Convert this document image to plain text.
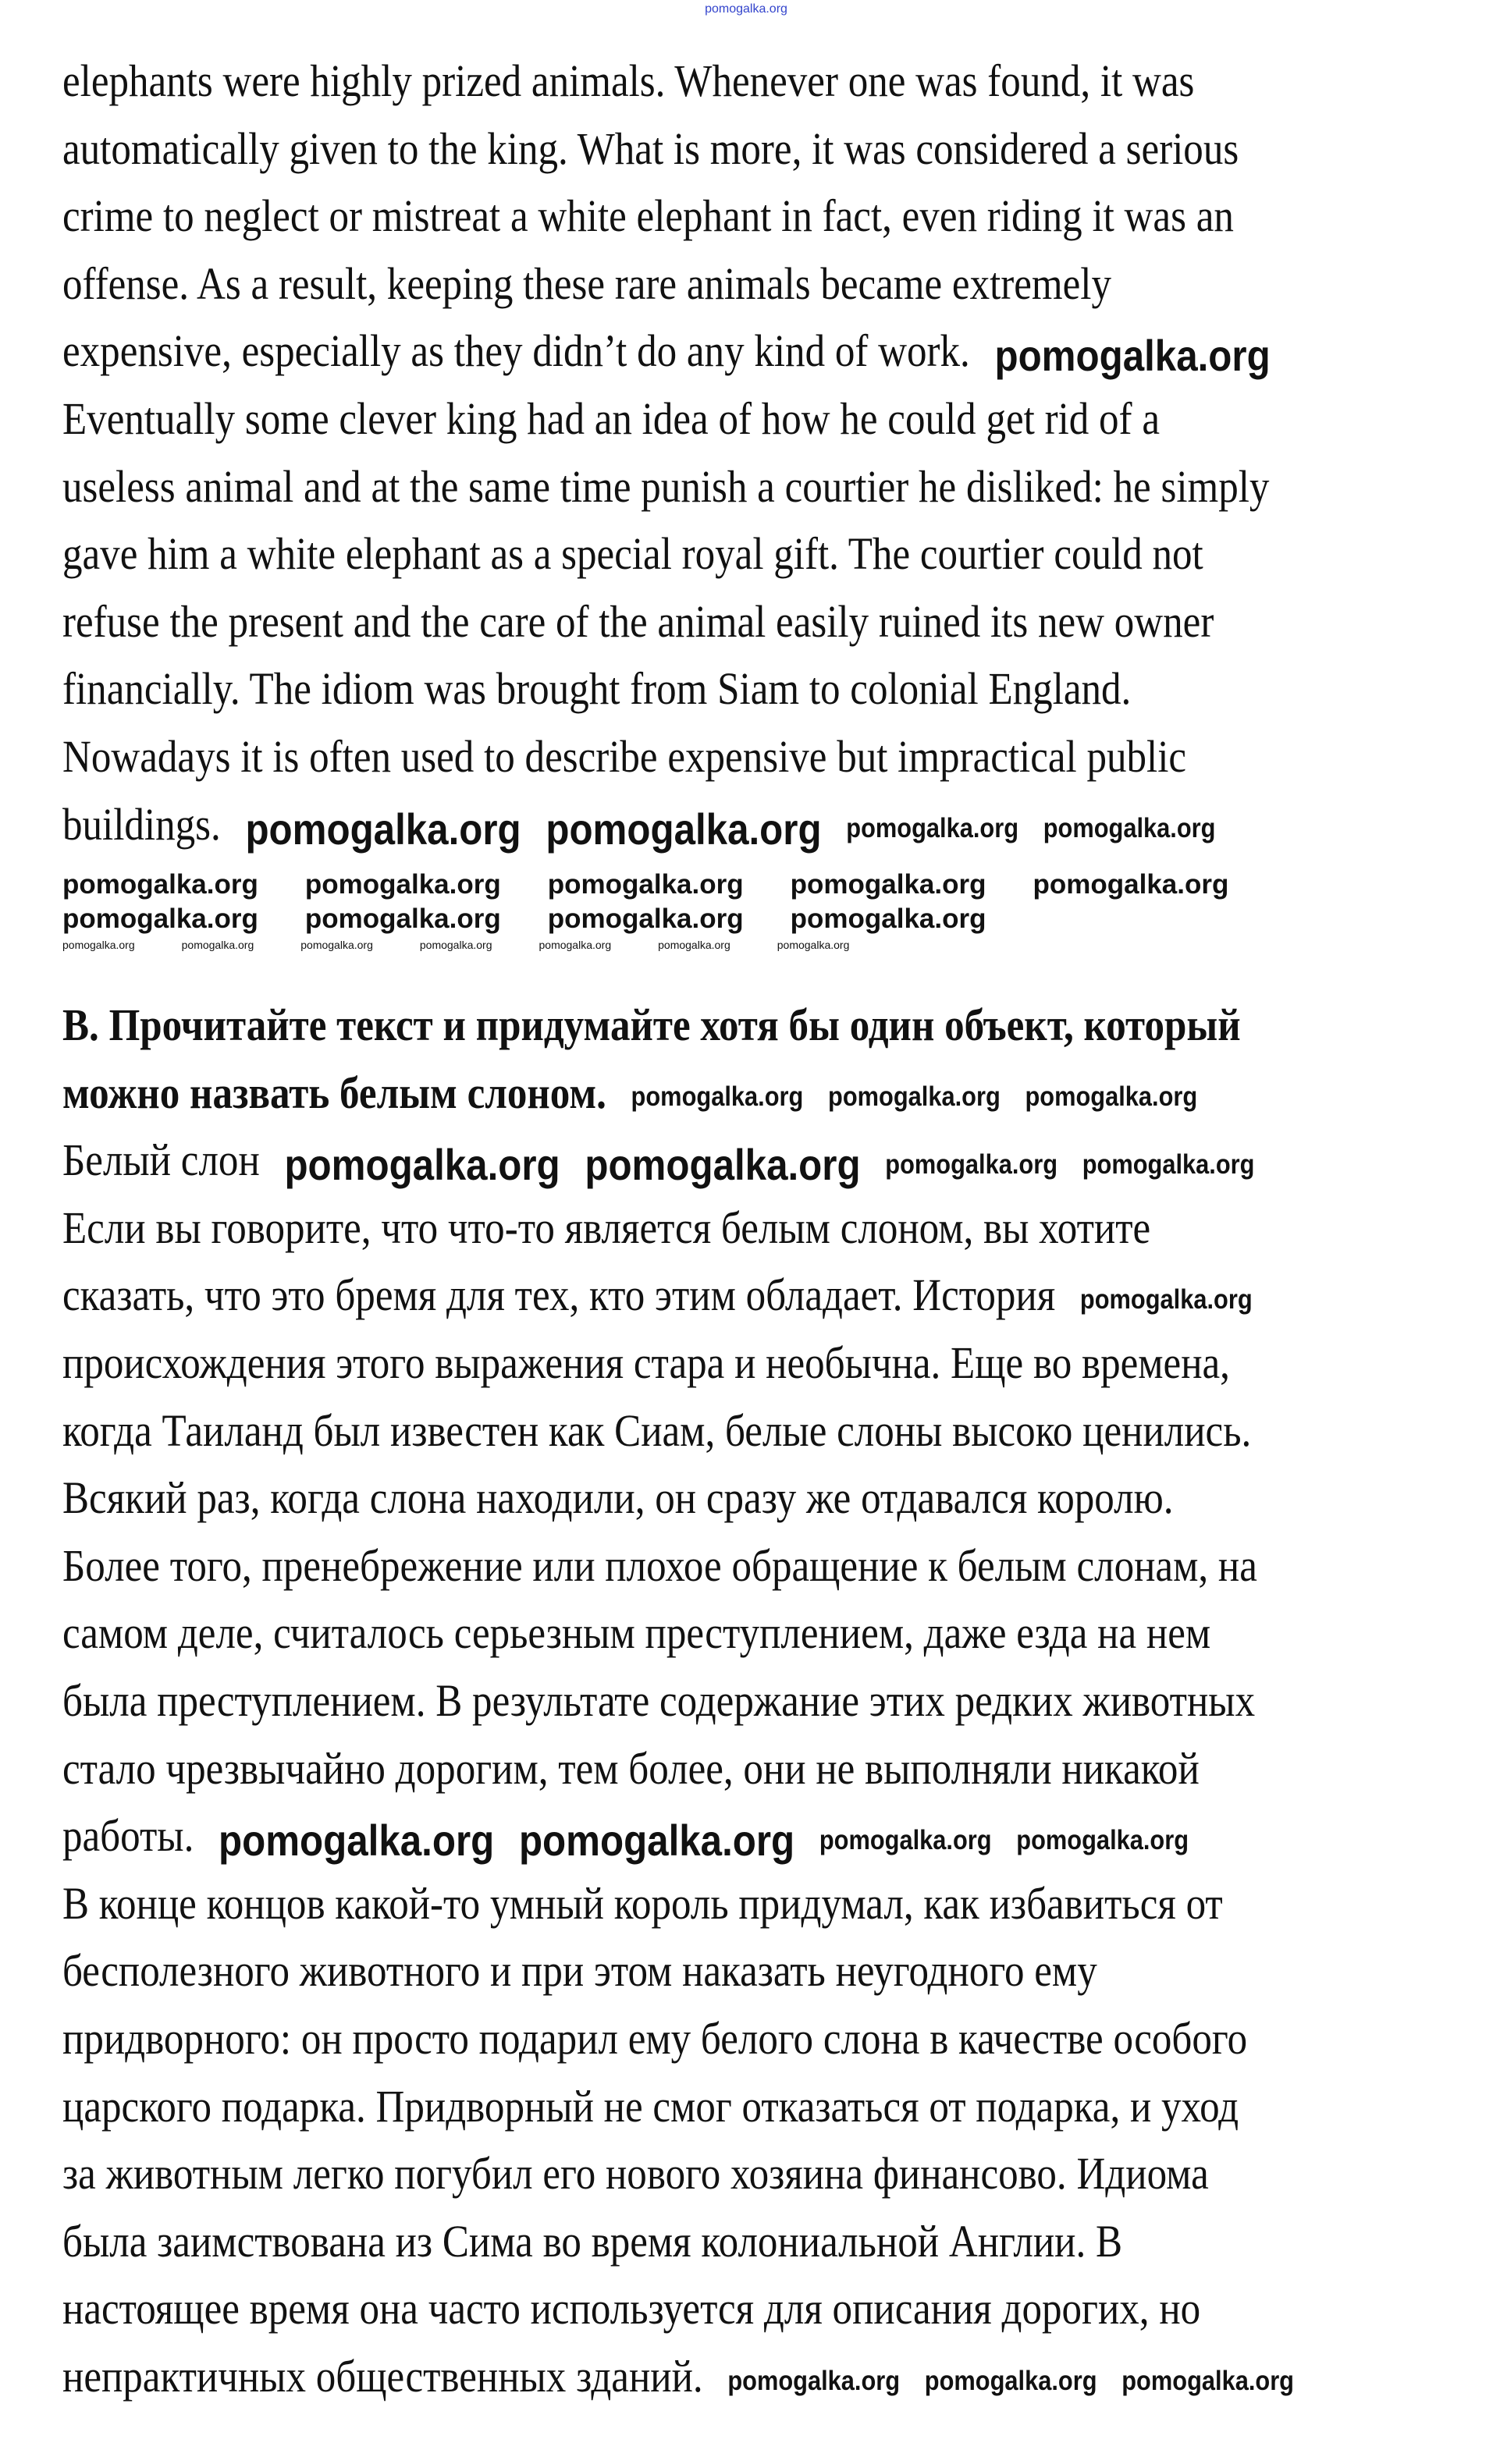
pomogalka.org
elephants were highly prized animals. Whenever one was found, it was
automatically given to the king. What is more, it was considered a serious
crime to neglect or mistreat a white elephant in fact, even riding it was an
offense. As a result, keeping these rare animals became extremely
expensive, especially as they didn’t do any kind of work. pomogalka.org
Eventually some clever king had an idea of how he could get rid of a
useless animal and at the same time punish a courtier he disliked: he simply
gave him a white elephant as a special royal gift. The courtier could not
refuse the present and the care of the animal easily ruined its new owner
financially. The idiom was brought from Siam to colonial England.
Nowadays it is often used to describe expensive but impractical public
buildings. pomogalka.org pomogalka.org pomogalka.org pomogalka.org
pomogalka.org pomogalka.org pomogalka.org pomogalka.org pomogalka.org
pomogalka.org pomogalka.org pomogalka.org pomogalka.org
pomogalka.org	pomogalka.org	pomogalka.org	pomogalka.org	pomogalka.org	pomogalka.org	pomogalka.org
B. Прочитайте текст и придумайте хотя бы один объект, который
можно назвать белым слоном. pomogalka.org pomogalka.org pomogalka.org
Белый слон pomogalka.org pomogalka.org pomogalka.org pomogalka.org
Если вы говорите, что что-то является белым слоном, вы хотите
сказать, что это бремя для тех, кто этим обладает. История pomogalka.org
происхождения этого выражения стара и необычна. Еще во времена,
когда Таиланд был известен как Сиам, белые слоны высоко ценились.
Всякий раз, когда слона находили, он сразу же отдавался королю.
Более того, пренебрежение или плохое обращение к белым слонам, на
самом деле, считалось серьезным преступлением, даже езда на нем
была преступлением. В результате содержание этих редких животных
стало чрезвычайно дорогим, тем более, они не выполняли никакой
работы. pomogalka.org pomogalka.org pomogalka.org pomogalka.org
В конце концов какой-то умный король придумал, как избавиться от
бесполезного животного и при этом наказать неугодного ему
придворного: он просто подарил ему белого слона в качестве особого
царского подарка. Придворный не смог отказаться от подарка, и уход
за животным легко погубил его нового хозяина финансово. Идиома
была заимствована из Сима во время колониальной Англии. В
настоящее время она часто используется для описания дорогих, но
непрактичных общественных зданий. pomogalka.org pomogalka.org pomogalka.org
